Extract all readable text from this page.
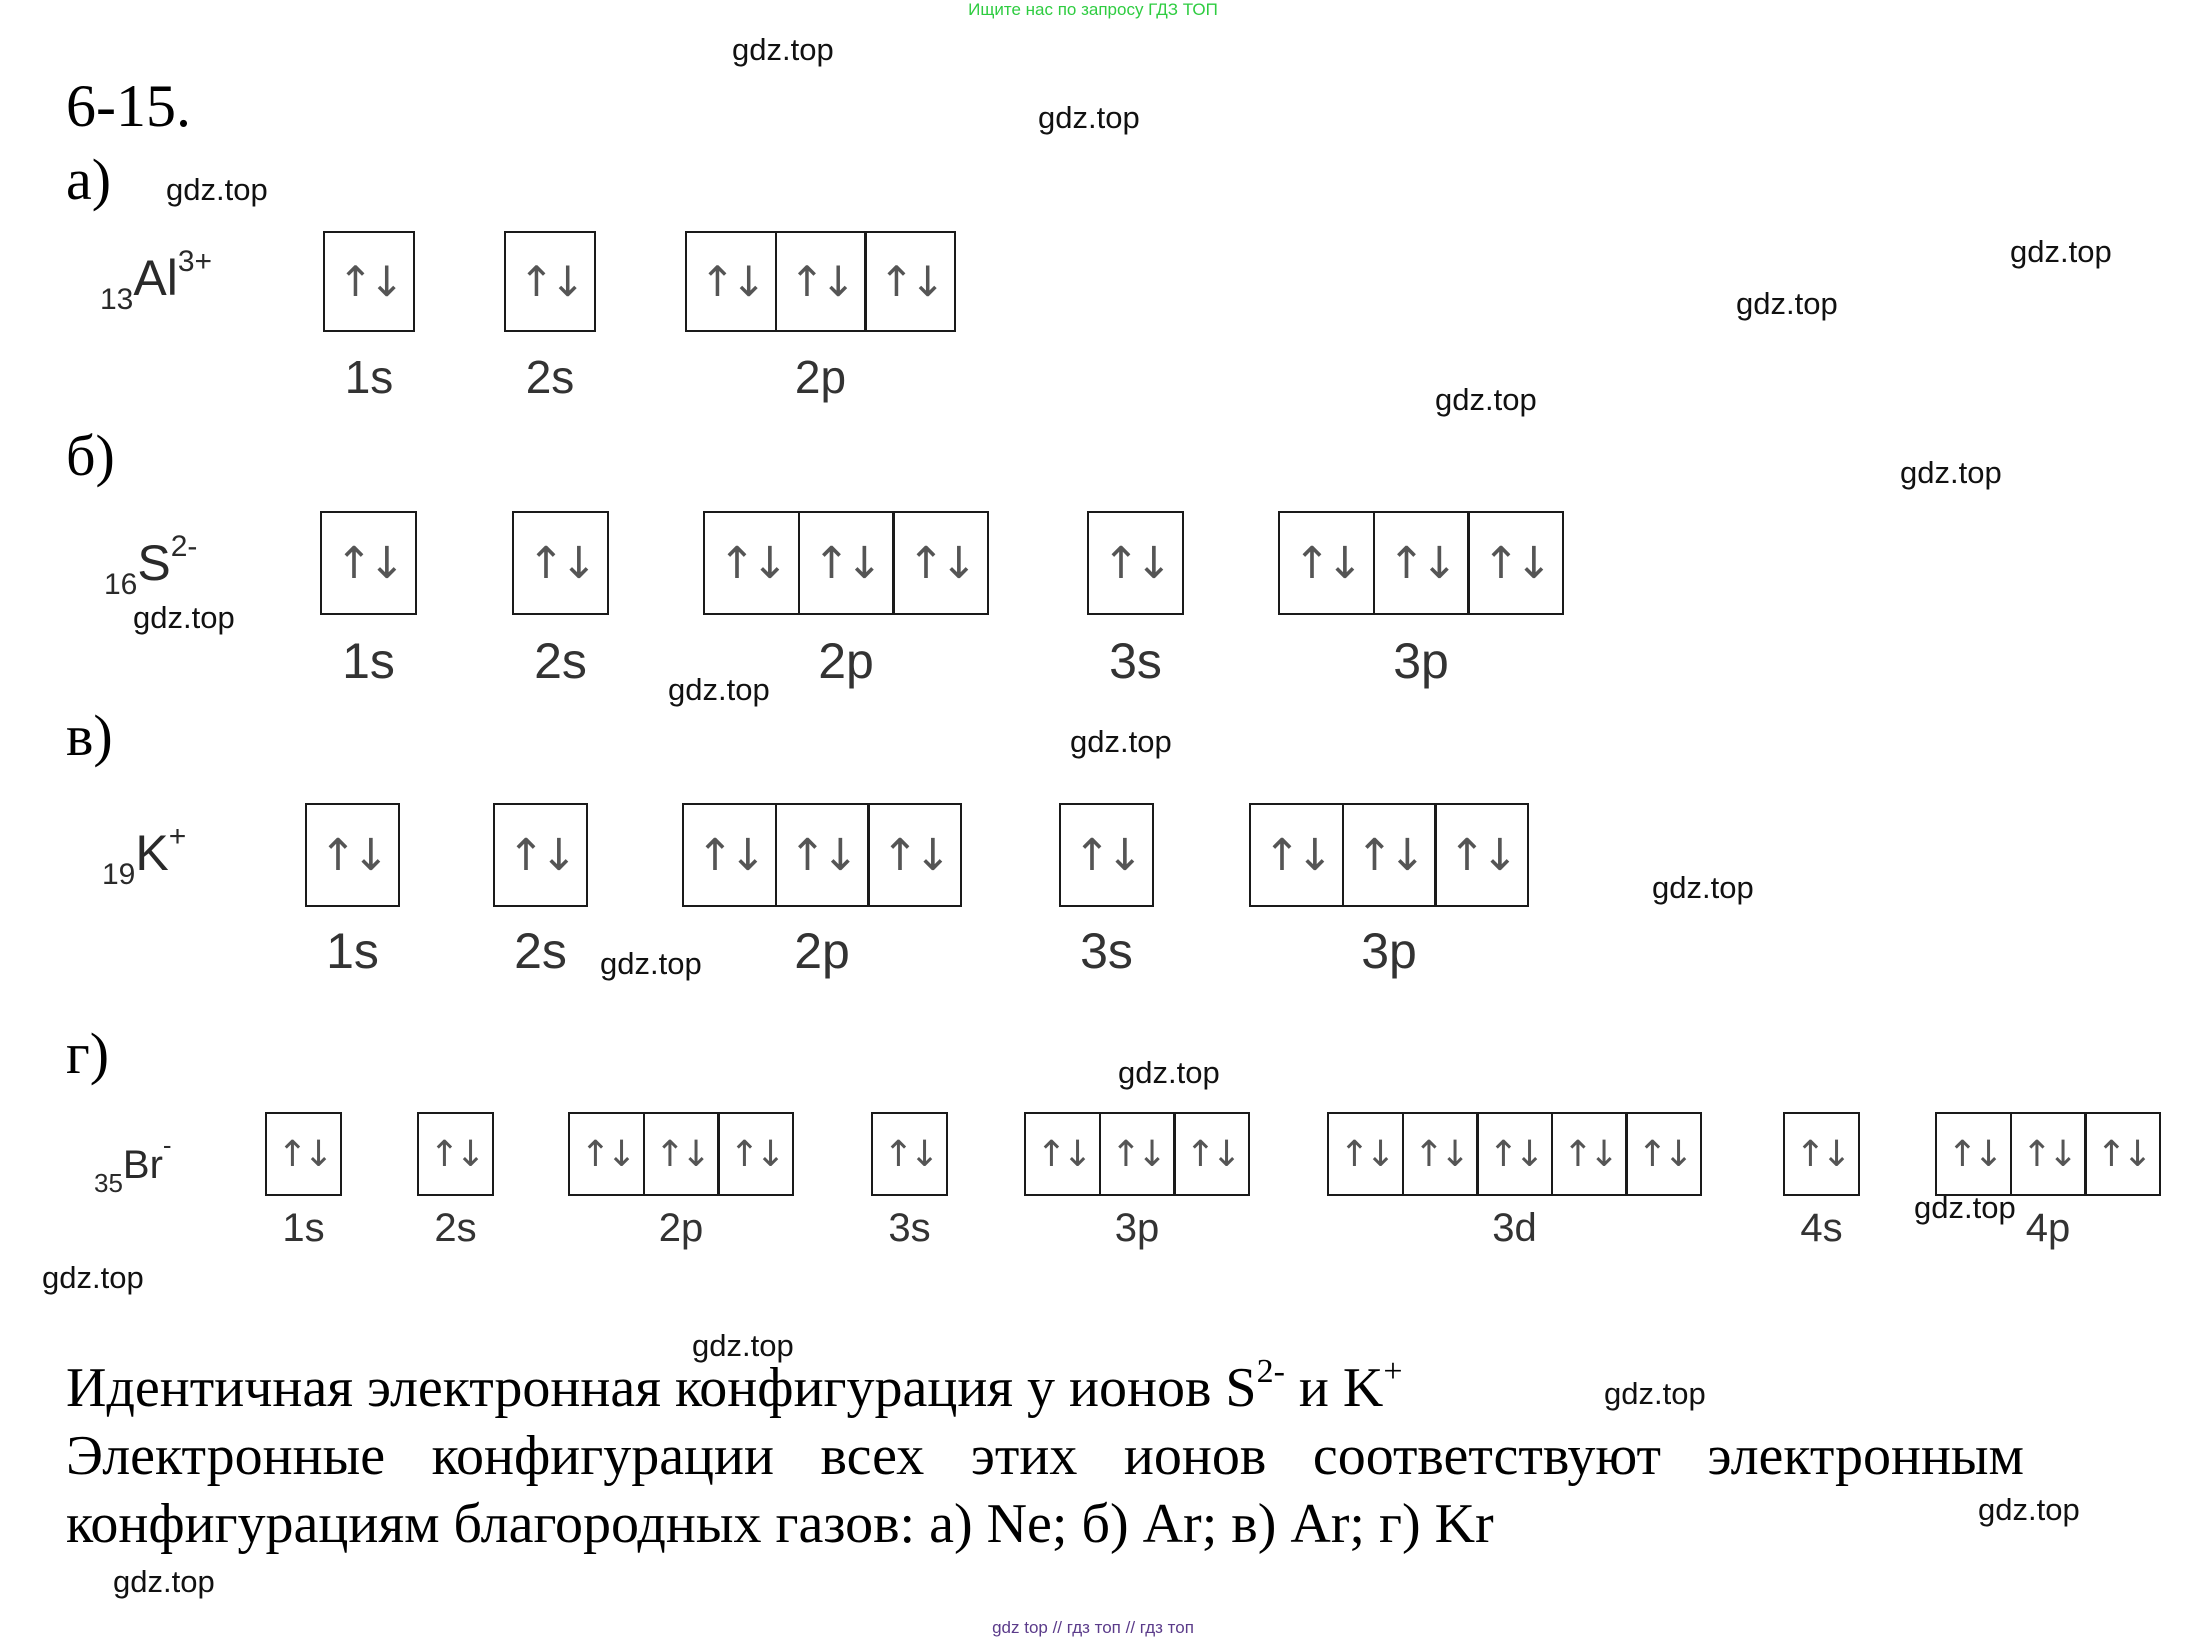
Ищите нас по запросу ГДЗ ТОП
6-15.
а)
$_{13}Al^{3+}$	↑↓
1s
↑↓
2s
↑↓ ↑↓ ↑↓
2p
б)
$_{16}S^{2-}$	↑↓
1s
↑↓
2s
↑↓ ↑↓ ↑↓
2p
↑↓
3s
↑↓ ↑↓ ↑↓
3p
в)
$_{19}$K+	↑↓
1s
↑↓
2s
↑↓ ↑↓ ↑↓
2p
↑↓
3s
↑↓ ↑↓ ↑↓
3p
г)
$_{35}$Br-	↑↓
1s
↑↓
2s
↑↓ ↑↓ ↑↓
2p
↑↓
3s
↑↓ ↑↓ ↑↓
3p
↑↓ ↑↓ ↑↓ ↑↓ ↑↓
3d
↑↓
4s
↑↓ ↑↓ ↑↓
4p
Идентичная электронная конфигурация у ионов $S^{2-}$ и K+
Электронные конфигурации всех этих ионов соответствуют электронным
конфигурациям благородных газов: а) Ne; б) Ar; в) Ar; г) Kr
gdz.top
gdz.top
gdz.top
gdz.top
gdz.top
gdz.top
gdz.top
gdz.top
gdz.top
gdz.top
gdz.top
gdz.top
gdz.top
gdz.top
gdz.top
gdz.top
gdz.top
gdz.top
gdz.top
gdz top // гдз топ // гдз топ
